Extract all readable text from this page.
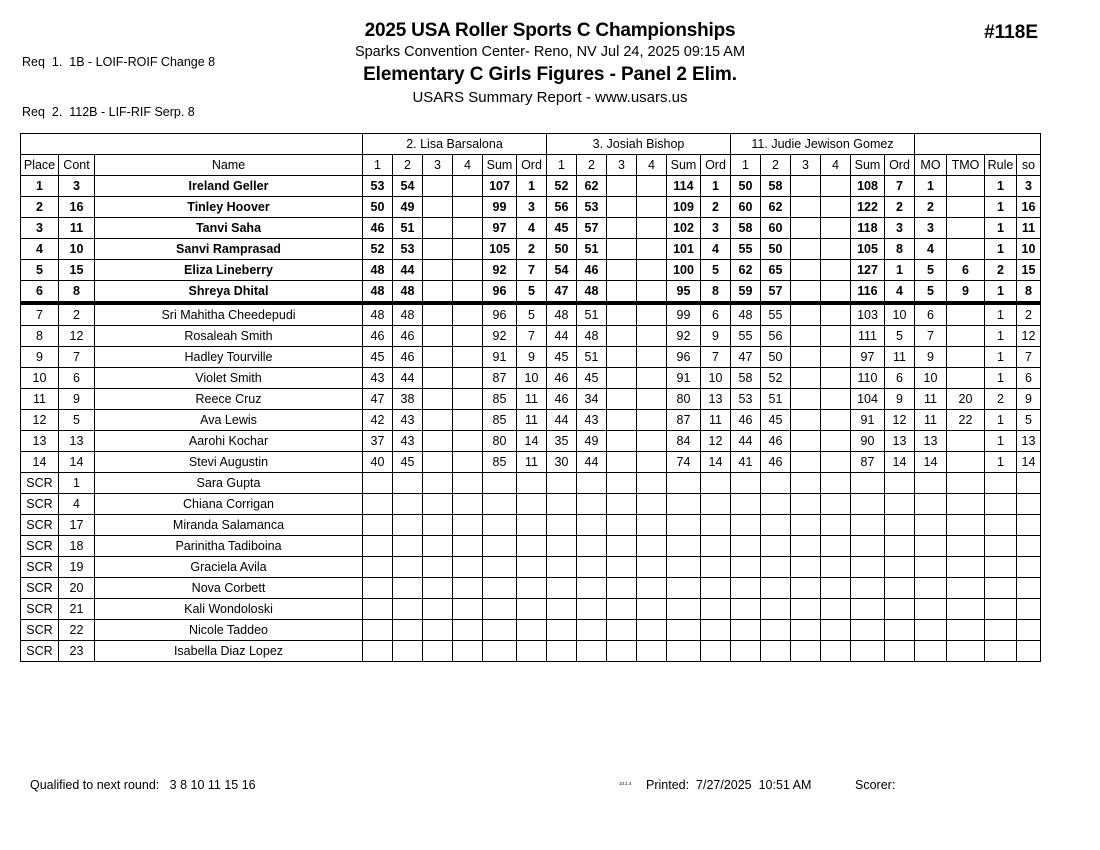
Req  1.  1B - LOIF-ROIF Change 8

Req  2.  112B - LIF-RIF Serp. 8

2025 USA Roller Sports C Championships
Sparks Convention Center- Reno, NV Jul 24, 2025 09:15 AM
Elementary C Girls Figures - Panel 2 Elim.
USARS Summary Report - www.usars.us
#118E
			2. Lisa Barsalona						3. Josiah Bishop						11. Judie Jewison Gomez									
Place	Cont	Name	1	2	3	4	Sum	Ord	1	2	3	4	Sum	Ord	1	2	3	4	Sum	Ord	MO	TMO	Rule	so
1	3	Ireland Geller	53	54			107	1	52	62			114	1	50	58			108	7	1		1	3
2	16	Tinley Hoover	50	49			99	3	56	53			109	2	60	62			122	2	2		1	16
3	11	Tanvi Saha	46	51			97	4	45	57			102	3	58	60			118	3	3		1	11
4	10	Sanvi Ramprasad	52	53			105	2	50	51			101	4	55	50			105	8	4		1	10
5	15	Eliza Lineberry	48	44			92	7	54	46			100	5	62	65			127	1	5	6	2	15
6	8	Shreya Dhital	48	48			96	5	47	48			95	8	59	57			116	4	5	9	1	8
7	2	Sri Mahitha Cheedepudi	48	48			96	5	48	51			99	6	48	55			103	10	6		1	2
8	12	Rosaleah Smith	46	46			92	7	44	48			92	9	55	56			111	5	7		1	12
9	7	Hadley Tourville	45	46			91	9	45	51			96	7	47	50			97	11	9		1	7
10	6	Violet Smith	43	44			87	10	46	45			91	10	58	52			110	6	10		1	6
11	9	Reece Cruz	47	38			85	11	46	34			80	13	53	51			104	9	11	20	2	9
12	5	Ava Lewis	42	43			85	11	44	43			87	11	46	45			91	12	11	22	1	5
13	13	Aarohi Kochar	37	43			80	14	35	49			84	12	44	46			90	13	13		1	13
14	14	Stevi Augustin	40	45			85	11	30	44			74	14	41	46			87	14	14		1	14
SCR	1	Sara Gupta																						
SCR	4	Chiana Corrigan																						
SCR	17	Miranda Salamanca																						
SCR	18	Parinitha Tadiboina																						
SCR	19	Graciela Avila																						
SCR	20	Nova Corbett																						
SCR	21	Kali Wondoloski																						
SCR	22	Nicole Taddeo																						
SCR	23	Isabella Diaz Lopez																						
Qualified to next round:   3 8 10 11 15 16	10.1.4 Printed:  7/27/2025  10:51 AM	Scorer:
